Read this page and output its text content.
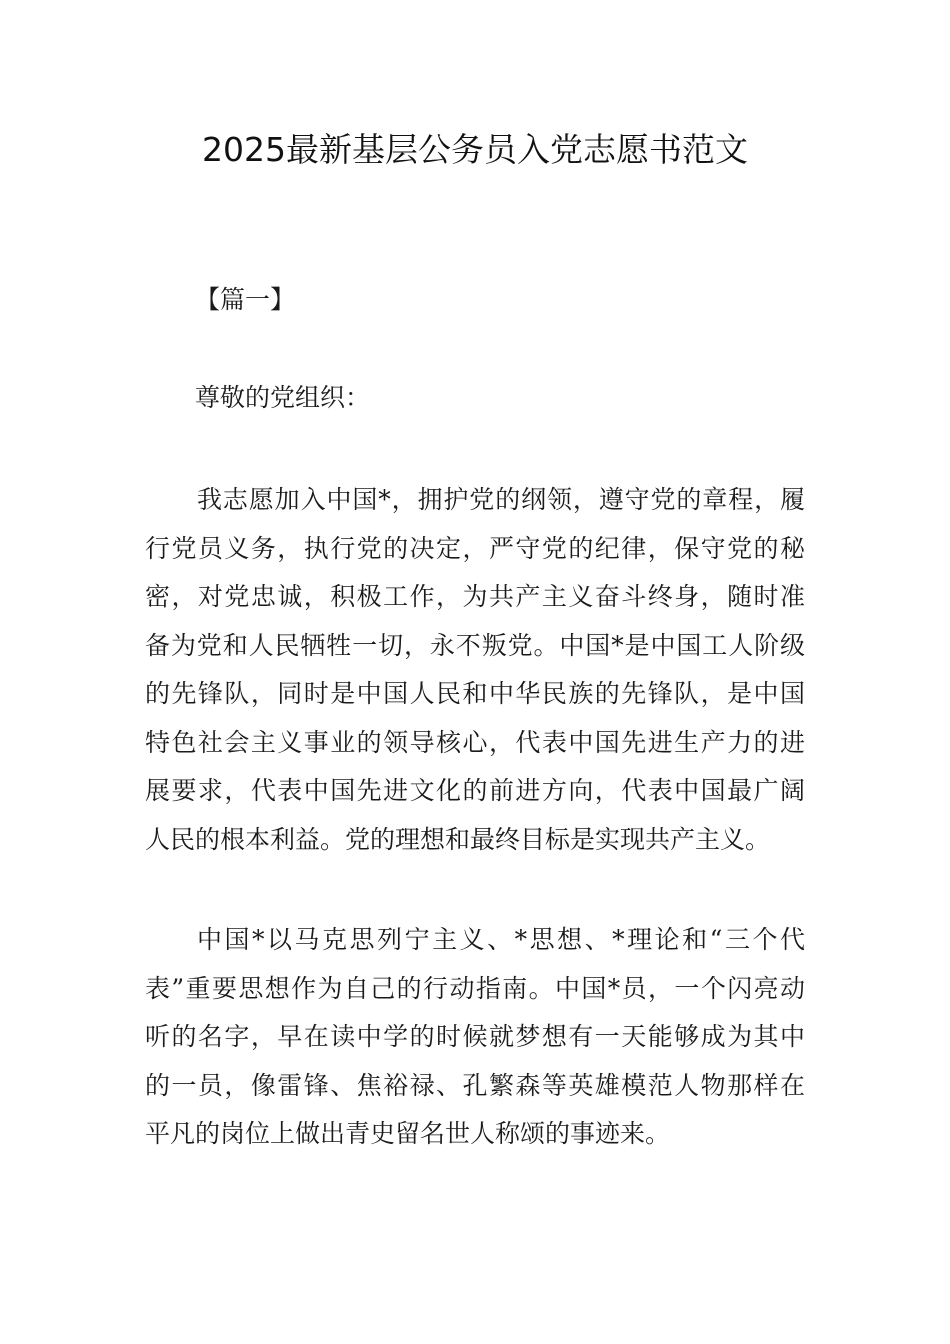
2025最新基层公务员入党志愿书范文
【篇一】
尊敬的党组织：

我志愿加入中国*，拥护党的纲领，遵守党的章程，履
行党员义务，执行党的决定，严守党的纪律，保守党的秘
密，对党忠诚，积极工作，为共产主义奋斗终身，随时准
备为党和人民牺牲一切，永不叛党。中国*是中国工人阶级
的先锋队，同时是中国人民和中华民族的先锋队，是中国
特色社会主义事业的领导核心，代表中国先进生产力的进
展要求，代表中国先进文化的前进方向，代表中国最广阔
人民的根本利益。党的理想和最终目标是实现共产主义。

中国*以马克思列宁主义、*思想、*理论和“三个代
表”重要思想作为自己的行动指南。中国*员，一个闪亮动
听的名字，早在读中学的时候就梦想有一天能够成为其中
的一员，像雷锋、焦裕禄、孔繁森等英雄模范人物那样在
平凡的岗位上做出青史留名世人称颂的事迹来。
